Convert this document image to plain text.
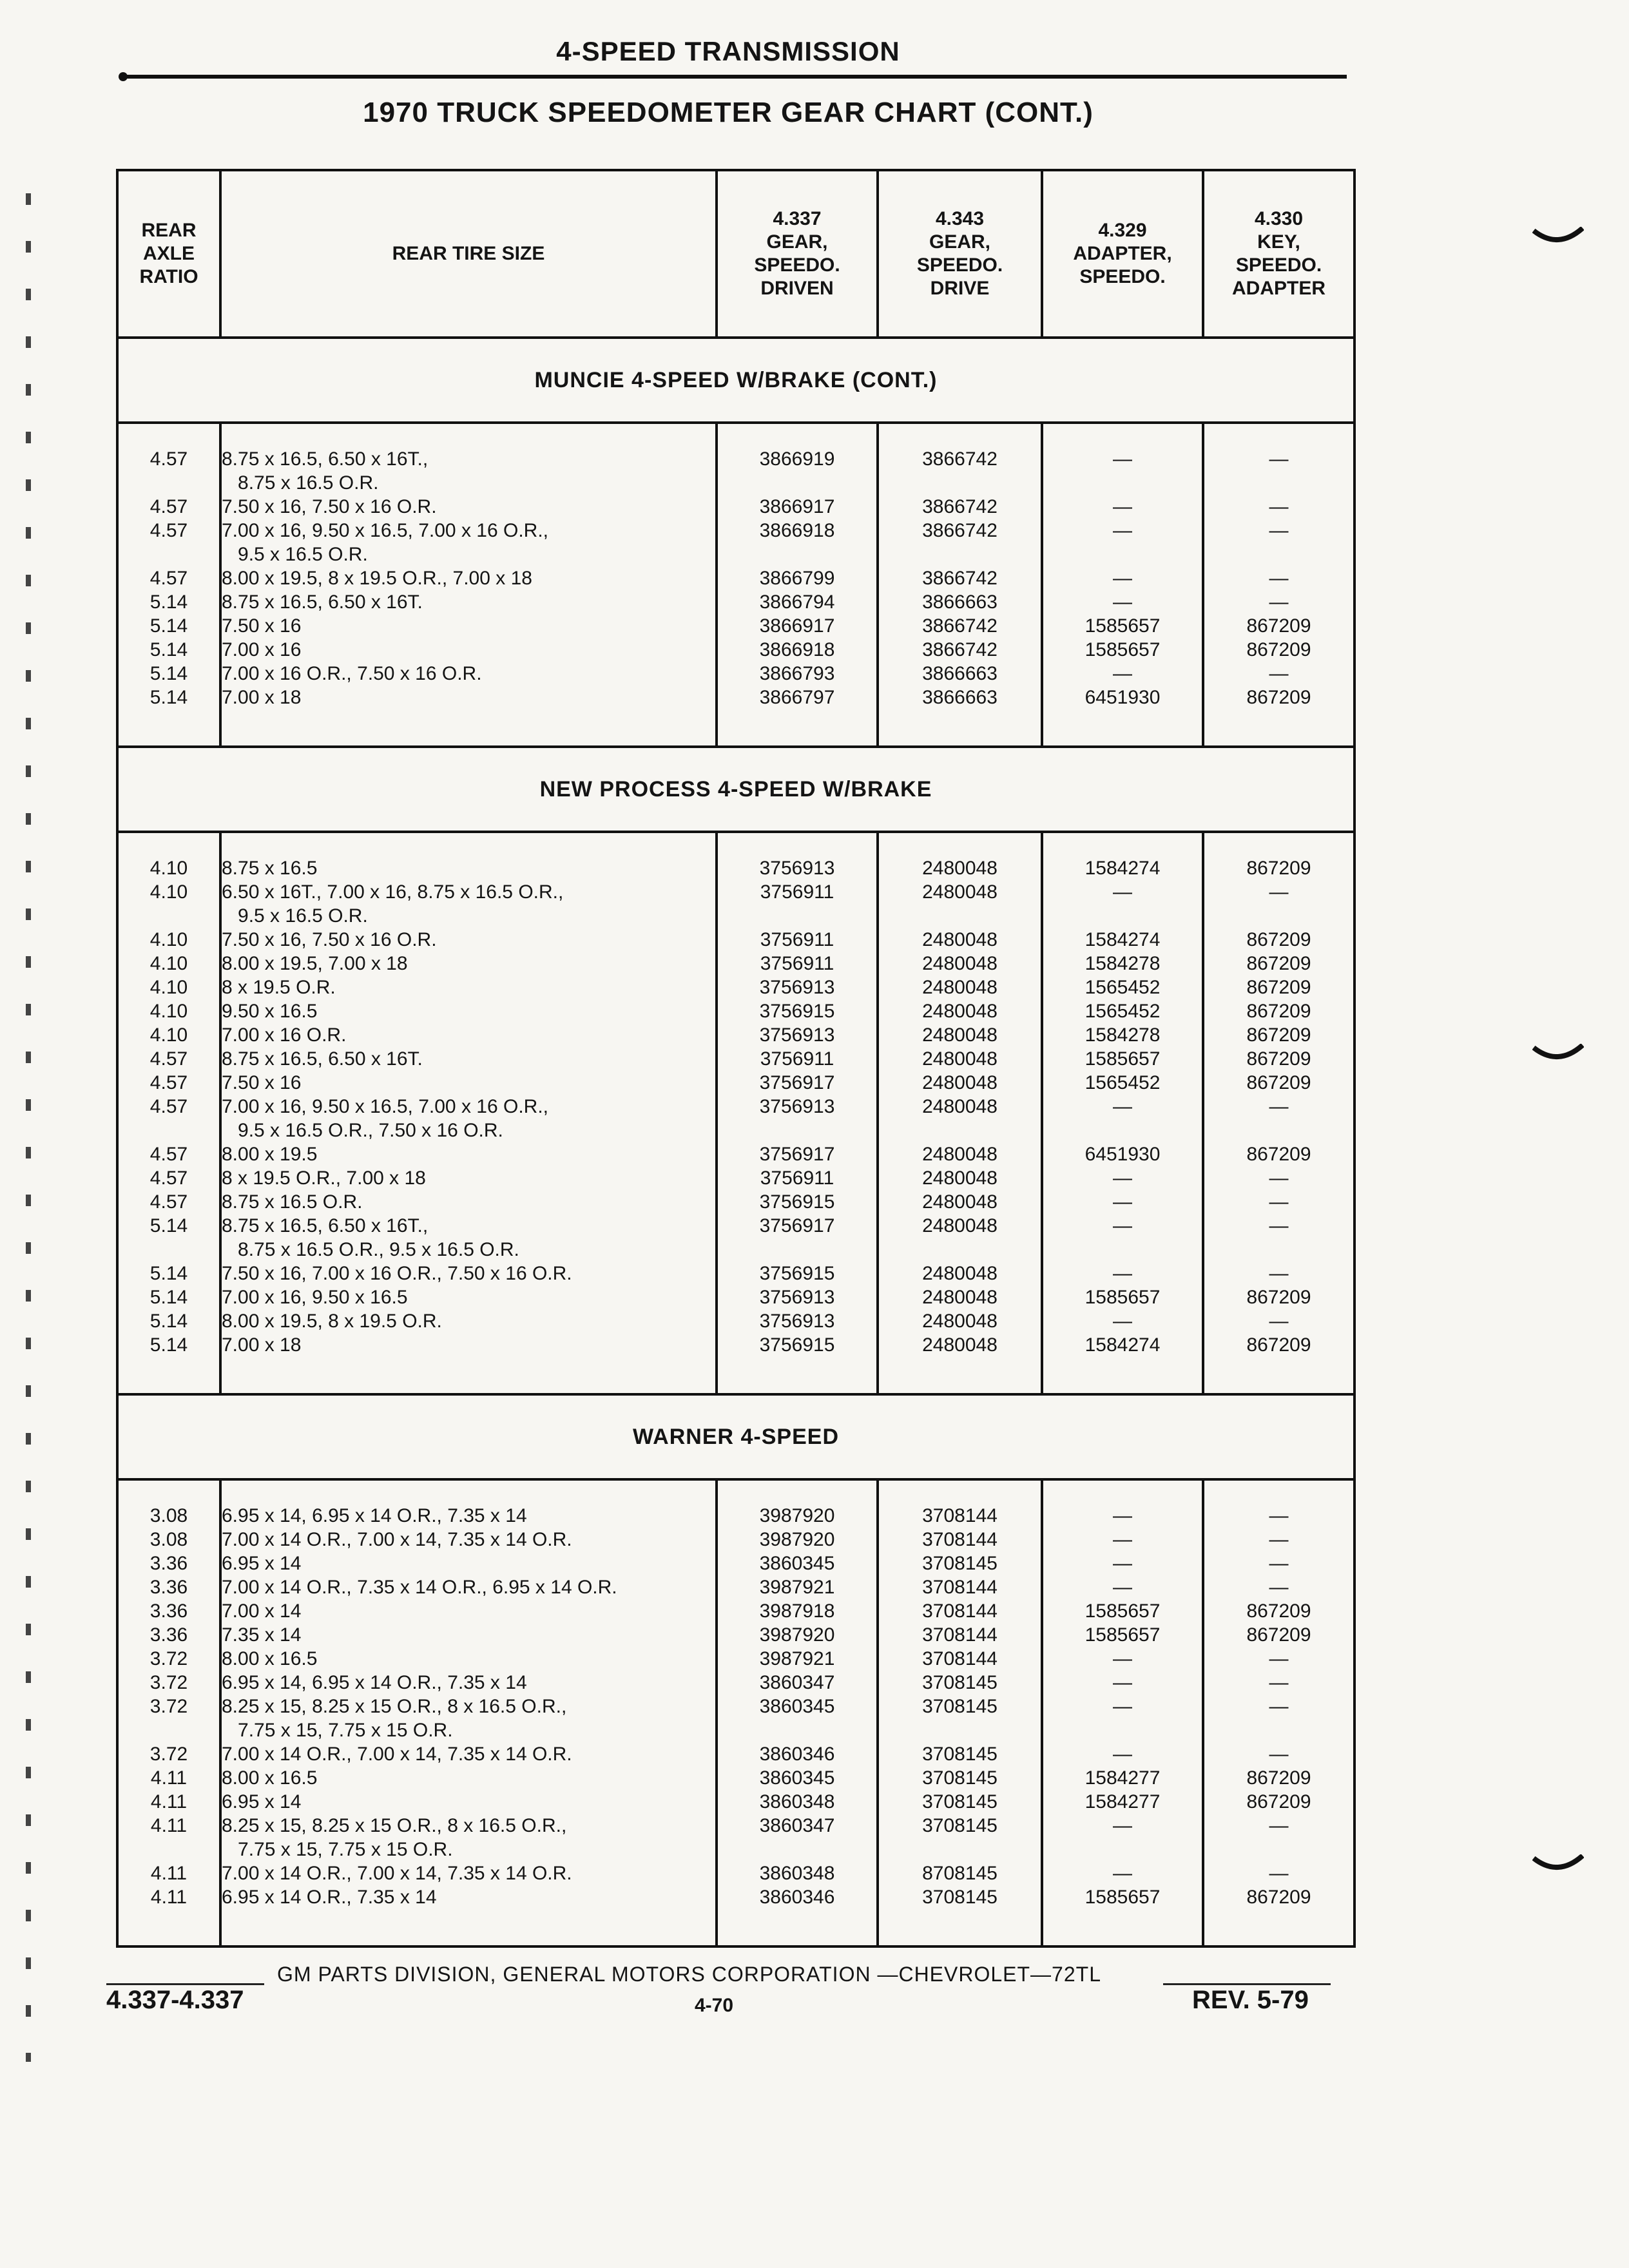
4-SPEED TRANSMISSION
1970 TRUCK SPEEDOMETER GEAR CHART (CONT.)
REAR
AXLE
RATIO	REAR TIRE SIZE	4.337
GEAR,
SPEEDO.
DRIVEN	4.343
GEAR,
SPEEDO.
DRIVE	4.329
ADAPTER,
SPEEDO.	4.330
KEY,
SPEEDO.
ADAPTER
MUNCIE 4-SPEED W/BRAKE (CONT.)					
4.57	8.75 x 16.5, 6.50 x 16T.,
8.75 x 16.5 O.R.	3866919	3866742	—	—
4.57	7.50 x 16, 7.50 x 16 O.R.	3866917	3866742	—	—
4.57	7.00 x 16, 9.50 x 16.5, 7.00 x 16 O.R.,
9.5 x 16.5 O.R.	3866918	3866742	—	—
4.57	8.00 x 19.5, 8 x 19.5 O.R., 7.00 x 18	3866799	3866742	—	—
5.14	8.75 x 16.5, 6.50 x 16T.	3866794	3866663	—	—
5.14	7.50 x 16	3866917	3866742	1585657	867209
5.14	7.00 x 16	3866918	3866742	1585657	867209
5.14	7.00 x 16 O.R., 7.50 x 16 O.R.	3866793	3866663	—	—
5.14	7.00 x 18	3866797	3866663	6451930	867209
NEW PROCESS 4-SPEED W/BRAKE					
4.10	8.75 x 16.5	3756913	2480048	1584274	867209
4.10	6.50 x 16T., 7.00 x 16, 8.75 x 16.5 O.R.,
9.5 x 16.5 O.R.	3756911	2480048	—	—
4.10	7.50 x 16, 7.50 x 16 O.R.	3756911	2480048	1584274	867209
4.10	8.00 x 19.5, 7.00 x 18	3756911	2480048	1584278	867209
4.10	8 x 19.5 O.R.	3756913	2480048	1565452	867209
4.10	9.50 x 16.5	3756915	2480048	1565452	867209
4.10	7.00 x 16 O.R.	3756913	2480048	1584278	867209
4.57	8.75 x 16.5, 6.50 x 16T.	3756911	2480048	1585657	867209
4.57	7.50 x 16	3756917	2480048	1565452	867209
4.57	7.00 x 16, 9.50 x 16.5, 7.00 x 16 O.R.,
9.5 x 16.5 O.R., 7.50 x 16 O.R.	3756913	2480048	—	—
4.57	8.00 x 19.5	3756917	2480048	6451930	867209
4.57	8 x 19.5 O.R., 7.00 x 18	3756911	2480048	—	—
4.57	8.75 x 16.5 O.R.	3756915	2480048	—	—
5.14	8.75 x 16.5, 6.50 x 16T.,
8.75 x 16.5 O.R., 9.5 x 16.5 O.R.	3756917	2480048	—	—
5.14	7.50 x 16, 7.00 x 16 O.R., 7.50 x 16 O.R.	3756915	2480048	—	—
5.14	7.00 x 16, 9.50 x 16.5	3756913	2480048	1585657	867209
5.14	8.00 x 19.5, 8 x 19.5 O.R.	3756913	2480048	—	—
5.14	7.00 x 18	3756915	2480048	1584274	867209
WARNER 4-SPEED					
3.08	6.95 x 14, 6.95 x 14 O.R., 7.35 x 14	3987920	3708144	—	—
3.08	7.00 x 14 O.R., 7.00 x 14, 7.35 x 14 O.R.	3987920	3708144	—	—
3.36	6.95 x 14	3860345	3708145	—	—
3.36	7.00 x 14 O.R., 7.35 x 14 O.R., 6.95 x 14 O.R.	3987921	3708144	—	—
3.36	7.00 x 14	3987918	3708144	1585657	867209
3.36	7.35 x 14	3987920	3708144	1585657	867209
3.72	8.00 x 16.5	3987921	3708144	—	—
3.72	6.95 x 14, 6.95 x 14 O.R., 7.35 x 14	3860347	3708145	—	—
3.72	8.25 x 15, 8.25 x 15 O.R., 8 x 16.5 O.R.,
7.75 x 15, 7.75 x 15 O.R.	3860345	3708145	—	—
3.72	7.00 x 14 O.R., 7.00 x 14, 7.35 x 14 O.R.	3860346	3708145	—	—
4.11	8.00 x 16.5	3860345	3708145	1584277	867209
4.11	6.95 x 14	3860348	3708145	1584277	867209
4.11	8.25 x 15, 8.25 x 15 O.R., 8 x 16.5 O.R.,
7.75 x 15, 7.75 x 15 O.R.	3860347	3708145	—	—
4.11	7.00 x 14 O.R., 7.00 x 14, 7.35 x 14 O.R.	3860348	8708145	—	—
4.11	6.95 x 14 O.R., 7.35 x 14	3860346	3708145	1585657	867209
GM PARTS DIVISION, GENERAL MOTORS CORPORATION —CHEVROLET—72TL
4.337-4.337	4-70	REV. 5-79
